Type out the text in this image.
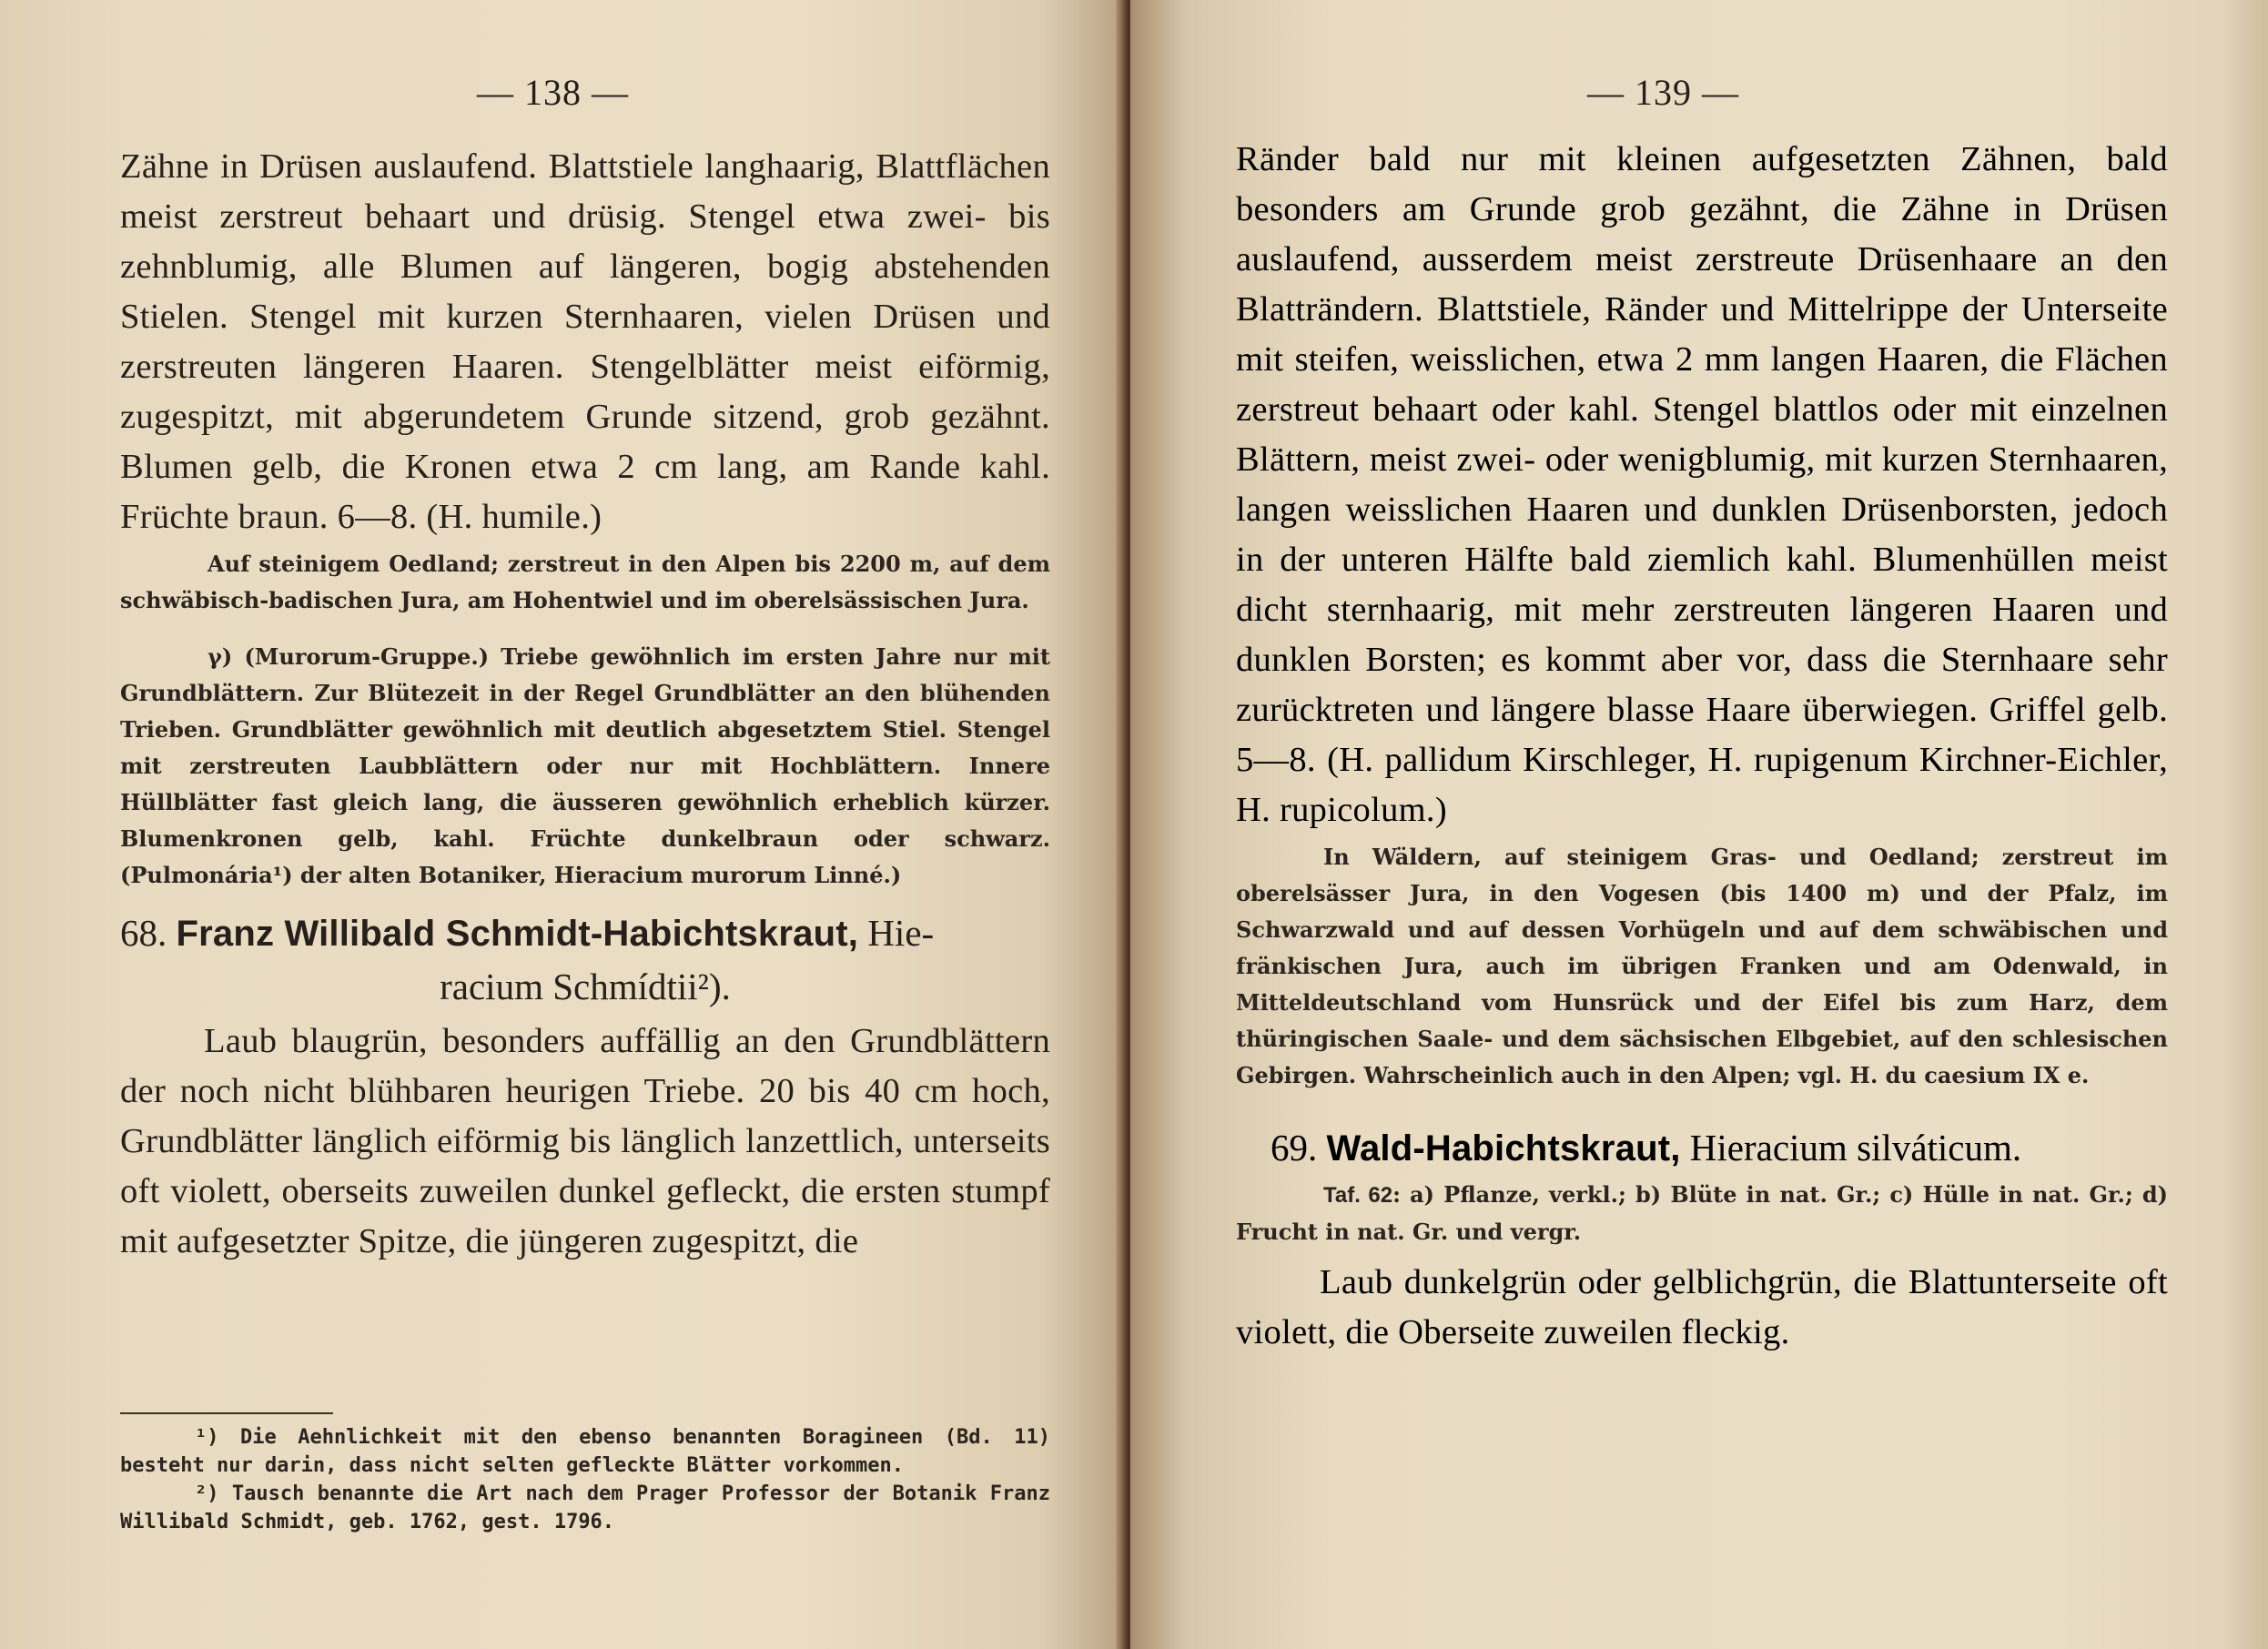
— 138 —

Zähne in Drüsen auslaufend. Blattstiele langhaarig, Blattflächen meist zerstreut behaart und drüsig. Stengel etwa zwei- bis zehnblumig, alle Blumen auf längeren, bogig abstehenden Stielen. Stengel mit kurzen Sternhaaren, vielen Drüsen und zerstreuten längeren Haaren. Stengelblätter meist eiförmig, zugespitzt, mit abgerundetem Grunde sitzend, grob gezähnt. Blumen gelb, die Kronen etwa 2 cm lang, am Rande kahl. Früchte braun. 6—8. (H. humile.)

Auf steinigem Oedland; zerstreut in den Alpen bis 2200 m, auf dem schwäbisch-badischen Jura, am Hohentwiel und im oberelsässischen Jura.

γ) (Murorum-Gruppe.) Triebe gewöhnlich im ersten Jahre nur mit Grundblättern. Zur Blütezeit in der Regel Grundblätter an den blühenden Trieben. Grundblätter gewöhnlich mit deutlich abgesetztem Stiel. Stengel mit zerstreuten Laubblättern oder nur mit Hochblättern. Innere Hüllblätter fast gleich lang, die äusseren gewöhnlich erheblich kürzer. Blumenkronen gelb, kahl. Früchte dunkelbraun oder schwarz. (Pulmonária¹) der alten Botaniker, Hieracium murorum Linné.)

68. Franz Willibald Schmidt-Habichtskraut, Hie-
racium Schmídtii²).

Laub blaugrün, besonders auffällig an den Grundblättern der noch nicht blühbaren heurigen Triebe. 20 bis 40 cm hoch, Grundblätter länglich eiförmig bis länglich lanzettlich, unterseits oft violett, oberseits zuweilen dunkel gefleckt, die ersten stumpf mit aufgesetzter Spitze, die jüngeren zugespitzt, die

¹) Die Aehnlichkeit mit den ebenso benannten Boragineen (Bd. 11) besteht nur darin, dass nicht selten gefleckte Blätter vorkommen.

²) Tausch benannte die Art nach dem Prager Professor der Botanik Franz Willibald Schmidt, geb. 1762, gest. 1796.

— 139 —

Ränder bald nur mit kleinen aufgesetzten Zähnen, bald besonders am Grunde grob gezähnt, die Zähne in Drüsen auslaufend, ausserdem meist zerstreute Drüsenhaare an den Blatträndern. Blattstiele, Ränder und Mittelrippe der Unterseite mit steifen, weisslichen, etwa 2 mm langen Haaren, die Flächen zerstreut behaart oder kahl. Stengel blattlos oder mit einzelnen Blättern, meist zwei- oder wenigblumig, mit kurzen Sternhaaren, langen weisslichen Haaren und dunklen Drüsenborsten, jedoch in der unteren Hälfte bald ziemlich kahl. Blumenhüllen meist dicht sternhaarig, mit mehr zerstreuten längeren Haaren und dunklen Borsten; es kommt aber vor, dass die Sternhaare sehr zurücktreten und längere blasse Haare überwiegen. Griffel gelb. 5—8. (H. pallidum Kirschleger, H. rupigenum Kirchner-Eichler, H. rupicolum.)

In Wäldern, auf steinigem Gras- und Oedland; zerstreut im oberelsässer Jura, in den Vogesen (bis 1400 m) und der Pfalz, im Schwarzwald und auf dessen Vorhügeln und auf dem schwäbischen und fränkischen Jura, auch im übrigen Franken und am Odenwald, in Mitteldeutschland vom Hunsrück und der Eifel bis zum Harz, dem thüringischen Saale- und dem sächsischen Elbgebiet, auf den schlesischen Gebirgen. Wahrscheinlich auch in den Alpen; vgl. H. du caesium IX e.

69. Wald-Habichtskraut, Hieracium silváticum.

Taf. 62: a) Pflanze, verkl.; b) Blüte in nat. Gr.; c) Hülle in nat. Gr.; d) Frucht in nat. Gr. und vergr.

Laub dunkelgrün oder gelblichgrün, die Blattunterseite oft violett, die Oberseite zuweilen fleckig.
